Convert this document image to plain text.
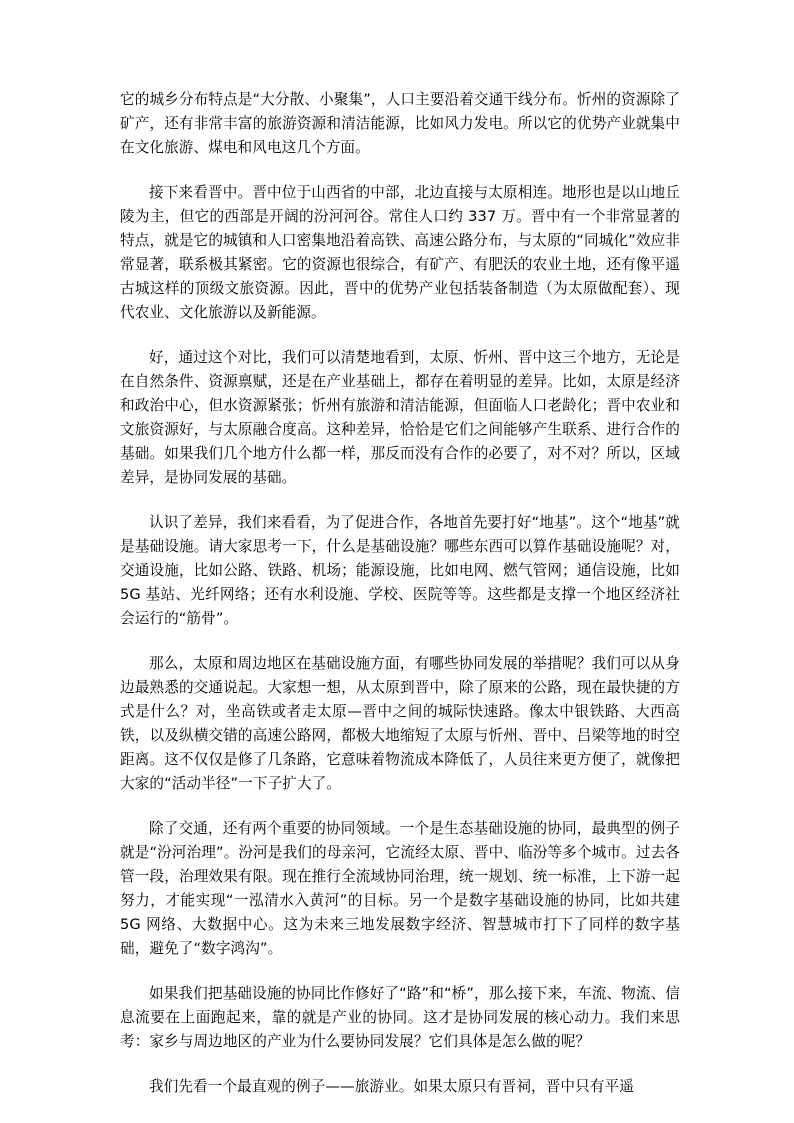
它的城乡分布特点是“大分散、小聚集”，人口主要沿着交通干线分布。忻州的资源除了矿产，还有非常丰富的旅游资源和清洁能源，比如风力发电。所以它的优势产业就集中在文化旅游、煤电和风电这几个方面。

接下来看晋中。晋中位于山西省的中部，北边直接与太原相连。地形也是以山地丘陵为主，但它的西部是开阔的汾河河谷。常住人口约 337 万。晋中有一个非常显著的特点，就是它的城镇和人口密集地沿着高铁、高速公路分布，与太原的“同城化”效应非常显著，联系极其紧密。它的资源也很综合，有矿产、有肥沃的农业土地，还有像平遥古城这样的顶级文旅资源。因此，晋中的优势产业包括装备制造（为太原做配套）、现代农业、文化旅游以及新能源。

好，通过这个对比，我们可以清楚地看到，太原、忻州、晋中这三个地方，无论是在自然条件、资源禀赋，还是在产业基础上，都存在着明显的差异。比如，太原是经济和政治中心，但水资源紧张；忻州有旅游和清洁能源，但面临人口老龄化；晋中农业和文旅资源好，与太原融合度高。这种差异，恰恰是它们之间能够产生联系、进行合作的基础。如果我们几个地方什么都一样，那反而没有合作的必要了，对不对？所以，区域差异，是协同发展的基础。

认识了差异，我们来看看，为了促进合作，各地首先要打好“地基”。这个“地基”就是基础设施。请大家思考一下，什么是基础设施？哪些东西可以算作基础设施呢？对，交通设施，比如公路、铁路、机场；能源设施，比如电网、燃气管网；通信设施，比如 5G 基站、光纤网络；还有水利设施、学校、医院等等。这些都是支撑一个地区经济社会运行的“筋骨”。

那么，太原和周边地区在基础设施方面，有哪些协同发展的举措呢？我们可以从身边最熟悉的交通说起。大家想一想，从太原到晋中，除了原来的公路，现在最快捷的方式是什么？对，坐高铁或者走太原—晋中之间的城际快速路。像太中银铁路、大西高铁，以及纵横交错的高速公路网，都极大地缩短了太原与忻州、晋中、吕梁等地的时空距离。这不仅仅是修了几条路，它意味着物流成本降低了，人员往来更方便了，就像把大家的“活动半径”一下子扩大了。

除了交通，还有两个重要的协同领域。一个是生态基础设施的协同，最典型的例子就是“汾河治理”。汾河是我们的母亲河，它流经太原、晋中、临汾等多个城市。过去各管一段，治理效果有限。现在推行全流域协同治理，统一规划、统一标准，上下游一起努力，才能实现“一泓清水入黄河”的目标。另一个是数字基础设施的协同，比如共建 5G 网络、大数据中心。这为未来三地发展数字经济、智慧城市打下了同样的数字基础，避免了“数字鸿沟”。

如果我们把基础设施的协同比作修好了“路”和“桥”，那么接下来，车流、物流、信息流要在上面跑起来，靠的就是产业的协同。这才是协同发展的核心动力。我们来思考：家乡与周边地区的产业为什么要协同发展？它们具体是怎么做的呢？

我们先看一个最直观的例子——旅游业。如果太原只有晋祠，晋中只有平遥
